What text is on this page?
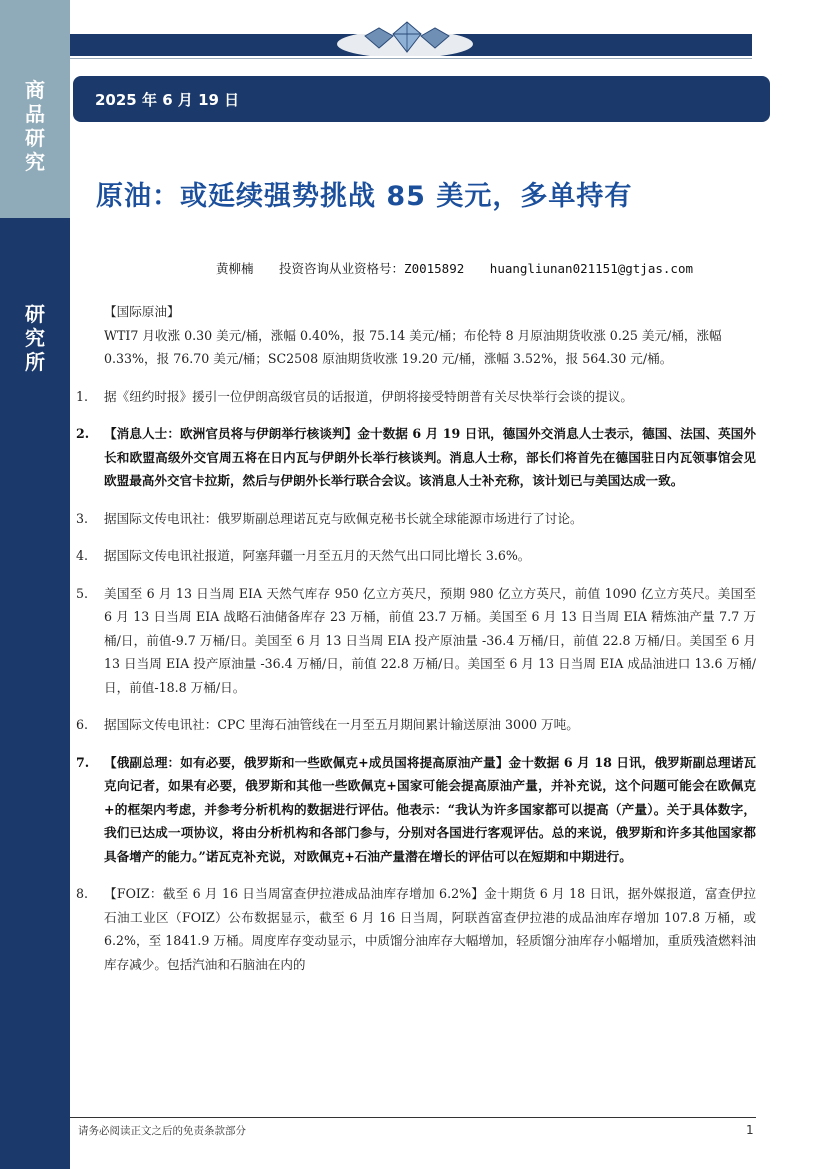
商
品
研
究
研
究
所
2025 年 6 月 19 日
原油：或延续强势挑战 85 美元，多单持有
黄柳楠 投资咨询从业资格号：Z0015892 huangliunan021151@gtjas.com

【国际原油】

WTI7 月收涨 0.30 美元/桶，涨幅 0.40%，报 75.14 美元/桶；布伦特 8 月原油期货收涨 0.25 美元/桶，涨幅 0.33%，报 76.70 美元/桶；SC2508 原油期货收涨 19.20 元/桶，涨幅 3.52%，报 564.30 元/桶。

1.	据《纽约时报》援引一位伊朗高级官员的话报道，伊朗将接受特朗普有关尽快举行会谈的提议。
2.	【消息人士：欧洲官员将与伊朗举行核谈判】金十数据 6 月 19 日讯，德国外交消息人士表示，德国、法国、英国外长和欧盟高级外交官周五将在日内瓦与伊朗外长举行核谈判。消息人士称，部长们将首先在德国驻日内瓦领事馆会见欧盟最高外交官卡拉斯，然后与伊朗外长举行联合会议。该消息人士补充称，该计划已与美国达成一致。
3.	据国际文传电讯社：俄罗斯副总理诺瓦克与欧佩克秘书长就全球能源市场进行了讨论。
4.	据国际文传电讯社报道，阿塞拜疆一月至五月的天然气出口同比增长 3.6%。
5.	美国至 6 月 13 日当周 EIA 天然气库存 950 亿立方英尺，预期 980 亿立方英尺，前值 1090 亿立方英尺。美国至 6 月 13 日当周 EIA 战略石油储备库存 23 万桶，前值 23.7 万桶。美国至 6 月 13 日当周 EIA 精炼油产量 7.7 万桶/日，前值-9.7 万桶/日。美国至 6 月 13 日当周 EIA 投产原油量 -36.4 万桶/日，前值 22.8 万桶/日。美国至 6 月 13 日当周 EIA 投产原油量 -36.4 万桶/日，前值 22.8 万桶/日。美国至 6 月 13 日当周 EIA 成品油进口 13.6 万桶/日，前值-18.8 万桶/日。
6.	据国际文传电讯社：CPC 里海石油管线在一月至五月期间累计输送原油 3000 万吨。
7.	【俄副总理：如有必要，俄罗斯和一些欧佩克+成员国将提高原油产量】金十数据 6 月 18 日讯，俄罗斯副总理诺瓦克向记者，如果有必要，俄罗斯和其他一些欧佩克+国家可能会提高原油产量，并补充说，这个问题可能会在欧佩克+的框架内考虑，并参考分析机构的数据进行评估。他表示：“我认为许多国家都可以提高（产量）。关于具体数字，我们已达成一项协议，将由分析机构和各部门参与，分别对各国进行客观评估。总的来说，俄罗斯和许多其他国家都具备增产的能力。”诺瓦克补充说，对欧佩克+石油产量潜在增长的评估可以在短期和中期进行。
8.	【FOIZ：截至 6 月 16 日当周富查伊拉港成品油库存增加 6.2%】金十期货 6 月 18 日讯，据外媒报道，富查伊拉石油工业区（FOIZ）公布数据显示，截至 6 月 16 日当周，阿联酋富查伊拉港的成品油库存增加 107.8 万桶，或 6.2%，至 1841.9 万桶。周度库存变动显示，中质馏分油库存大幅增加，轻质馏分油库存小幅增加，重质残渣燃料油库存减少。包括汽油和石脑油在内的
请务必阅读正文之后的免责条款部分	1
